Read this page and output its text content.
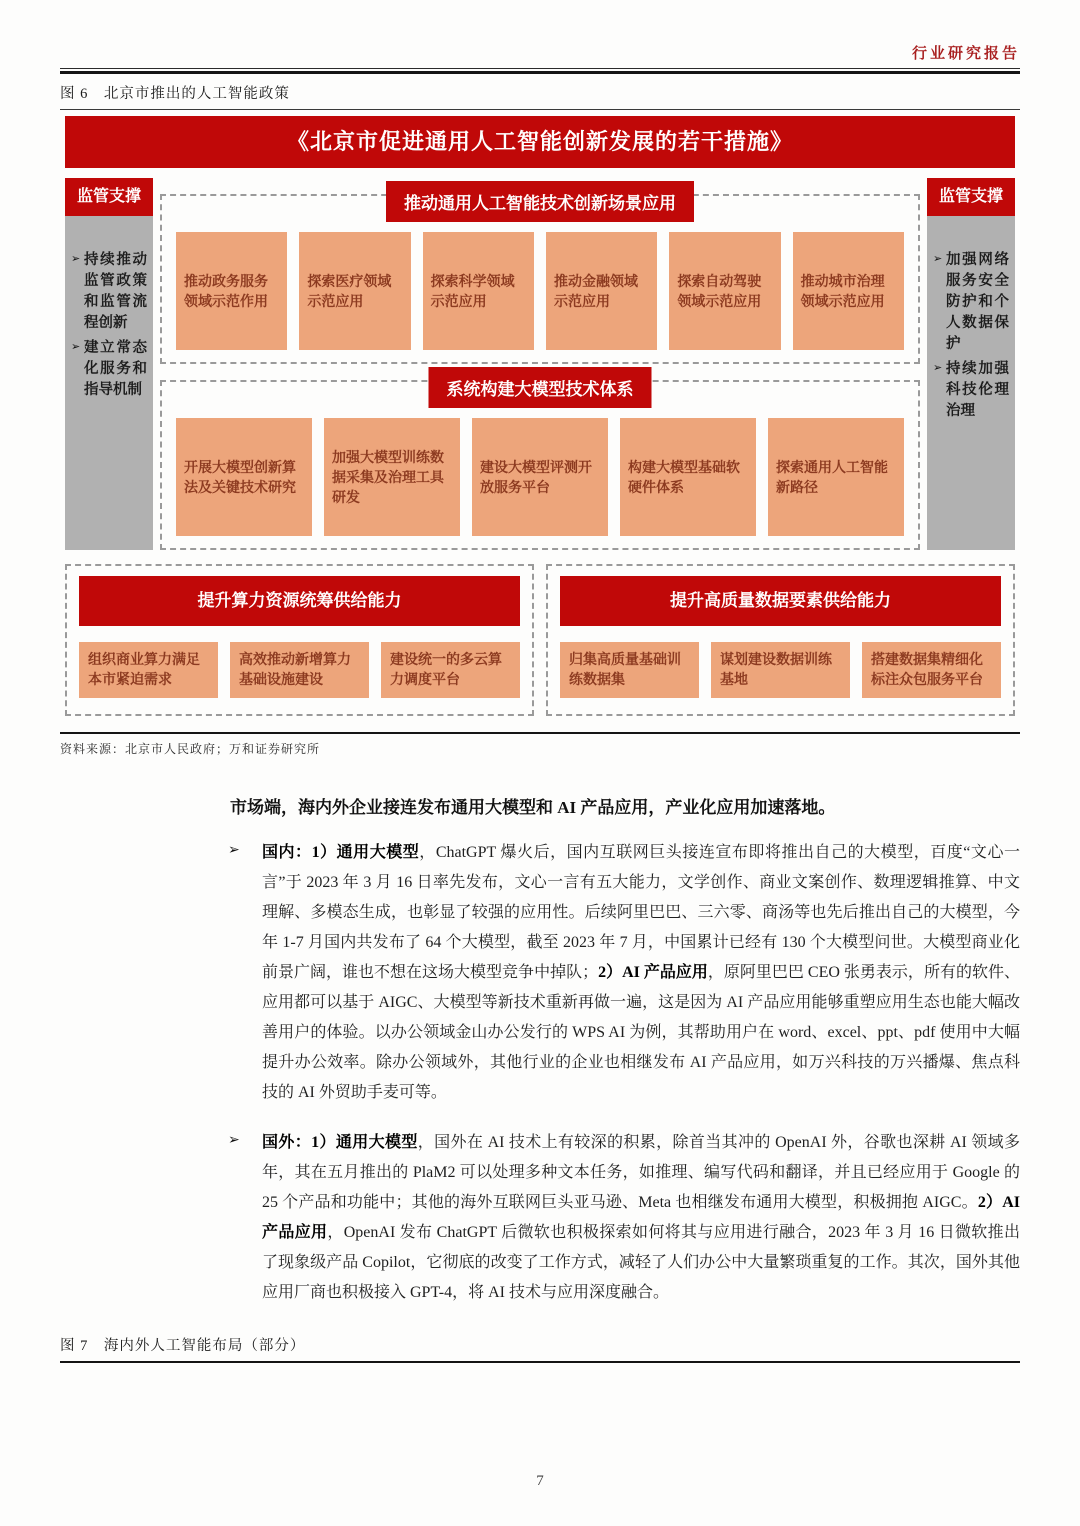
行业研究报告
图 6　北京市推出的人工智能政策
《北京市促进通用人工智能创新发展的若干措施》
监管支撑
➢ 持续推动监管政策和监管流程创新
➢ 建立常态化服务和指导机制
推动通用人工智能技术创新场景应用
推动政务服务领域示范作用
探索医疗领域示范应用
探索科学领域示范应用
推动金融领域示范应用
探索自动驾驶领域示范应用
推动城市治理领域示范应用
系统构建大模型技术体系
开展大模型创新算法及关键技术研究
加强大模型训练数据采集及治理工具研发
建设大模型评测开放服务平台
构建大模型基础软硬件体系
探索通用人工智能新路径
监管支撑
➢ 加强网络服务安全防护和个人数据保护
➢ 持续加强科技伦理治理
提升算力资源统筹供给能力
组织商业算力满足本市紧迫需求
高效推动新增算力基础设施建设
建设统一的多云算力调度平台
提升高质量数据要素供给能力
归集高质量基础训练数据集
谋划建设数据训练基地
搭建数据集精细化标注众包服务平台
资料来源：北京市人民政府；万和证券研究所

市场端，海内外企业接连发布通用大模型和 AI 产品应用，产业化应用加速落地。

➢	国内：1）通用大模型，ChatGPT 爆火后，国内互联网巨头接连宣布即将推出自己的大模型，百度“文心一言”于 2023 年 3 月 16 日率先发布，文心一言有五大能力，文学创作、商业文案创作、数理逻辑推算、中文理解、多模态生成，也彰显了较强的应用性。后续阿里巴巴、三六零、商汤等也先后推出自己的大模型，今年 1-7 月国内共发布了 64 个大模型，截至 2023 年 7 月，中国累计已经有 130 个大模型问世。大模型商业化前景广阔，谁也不想在这场大模型竞争中掉队；2）AI 产品应用，原阿里巴巴 CEO 张勇表示，所有的软件、应用都可以基于 AIGC、大模型等新技术重新再做一遍，这是因为 AI 产品应用能够重塑应用生态也能大幅改善用户的体验。以办公领域金山办公发行的 WPS AI 为例，其帮助用户在 word、excel、ppt、pdf 使用中大幅提升办公效率。除办公领域外，其他行业的企业也相继发布 AI 产品应用，如万兴科技的万兴播爆、焦点科技的 AI 外贸助手麦可等。

➢	国外：1）通用大模型，国外在 AI 技术上有较深的积累，除首当其冲的 OpenAI 外，谷歌也深耕 AI 领域多年，其在五月推出的 PlaM2 可以处理多种文本任务，如推理、编写代码和翻译，并且已经应用于 Google 的 25 个产品和功能中；其他的海外互联网巨头亚马逊、Meta 也相继发布通用大模型，积极拥抱 AIGC。2）AI 产品应用，OpenAI 发布 ChatGPT 后微软也积极探索如何将其与应用进行融合，2023 年 3 月 16 日微软推出了现象级产品 Copilot，它彻底的改变了工作方式，减轻了人们办公中大量繁琐重复的工作。其次，国外其他应用厂商也积极接入 GPT-4，将 AI 技术与应用深度融合。

图 7　海内外人工智能布局（部分）
7
